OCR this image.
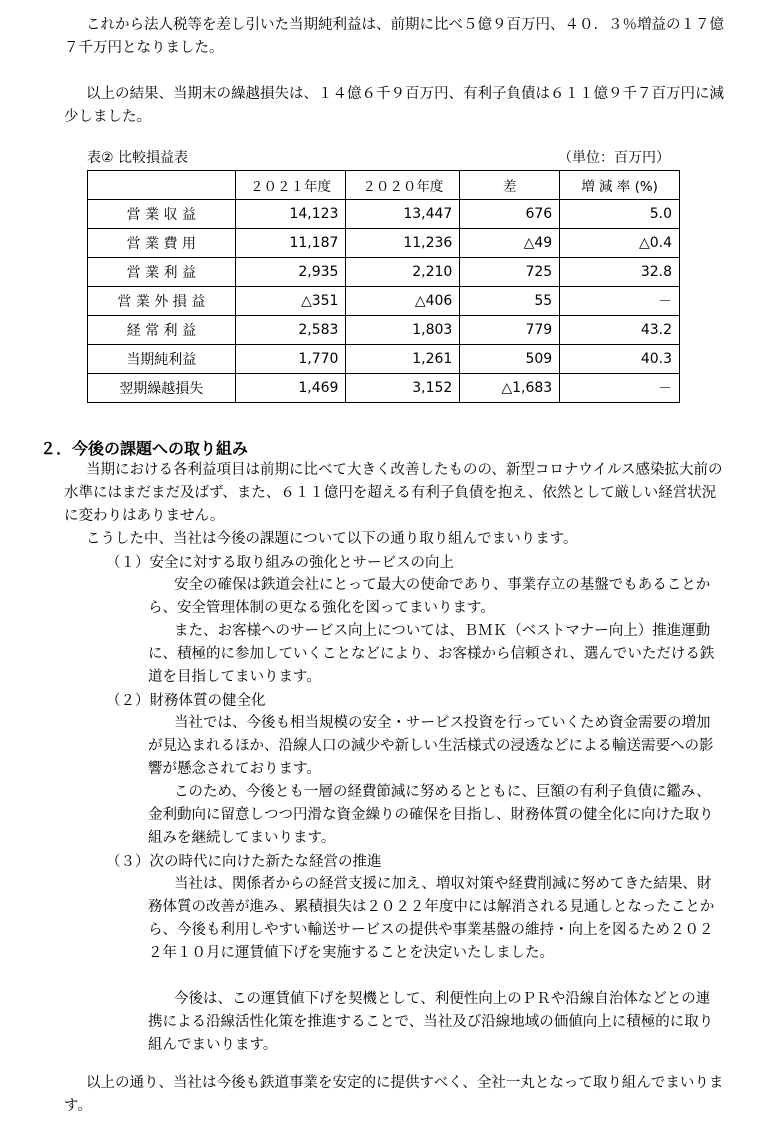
これから法人税等を差し引いた当期純利益は、前期に比べ５億９百万円、４０．３％増益の１７億７千万円となりました。

以上の結果、当期末の繰越損失は、１４億６千９百万円、有利子負債は６１１億９千７百万円に減少しました。

表② 比較損益表	（単位：百万円）
	２０２１年度	２０２０年度	差	増 減 率 (%)
営 業 収 益	14,123	13,447	676	5.0
営 業 費 用	11,187	11,236	△49	△0.4
営 業 利 益	2,935	2,210	725	32.8
営 業 外 損 益	△351	△406	55	－
経 常 利 益	2,583	1,803	779	43.2
当期純利益	1,770	1,261	509	40.3
翌期繰越損失	1,469	3,152	△1,683	－
２．今後の課題への取り組み

当期における各利益項目は前期に比べて大きく改善したものの、新型コロナウイルス感染拡大前の水準にはまだまだ及ばず、また、６１１億円を超える有利子負債を抱え、依然として厳しい経営状況に変わりはありません。

こうした中、当社は今後の課題について以下の通り取り組んでまいります。

（１）安全に対する取り組みの強化とサービスの向上

安全の確保は鉄道会社にとって最大の使命であり、事業存立の基盤でもあることから、安全管理体制の更なる強化を図ってまいります。

また、お客様へのサービス向上については、ＢＭＫ（ベストマナー向上）推進運動に、積極的に参加していくことなどにより、お客様から信頼され、選んでいただける鉄道を目指してまいります。

（２）財務体質の健全化

当社では、今後も相当規模の安全・サービス投資を行っていくため資金需要の増加が見込まれるほか、沿線人口の減少や新しい生活様式の浸透などによる輸送需要への影響が懸念されております。

このため、今後とも一層の経費節減に努めるとともに、巨額の有利子負債に鑑み、金利動向に留意しつつ円滑な資金繰りの確保を目指し、財務体質の健全化に向けた取り組みを継続してまいります。

（３）次の時代に向けた新たな経営の推進

当社は、関係者からの経営支援に加え、増収対策や経費削減に努めてきた結果、財務体質の改善が進み、累積損失は２０２２年度中には解消される見通しとなったことから、今後も利用しやすい輸送サービスの提供や事業基盤の維持・向上を図るため２０２２年１０月に運賃値下げを実施することを決定いたしました。

今後は、この運賃値下げを契機として、利便性向上のＰＲや沿線自治体などとの連携による沿線活性化策を推進することで、当社及び沿線地域の価値向上に積極的に取り組んでまいります。

以上の通り、当社は今後も鉄道事業を安定的に提供すべく、全社一丸となって取り組んでまいります。
